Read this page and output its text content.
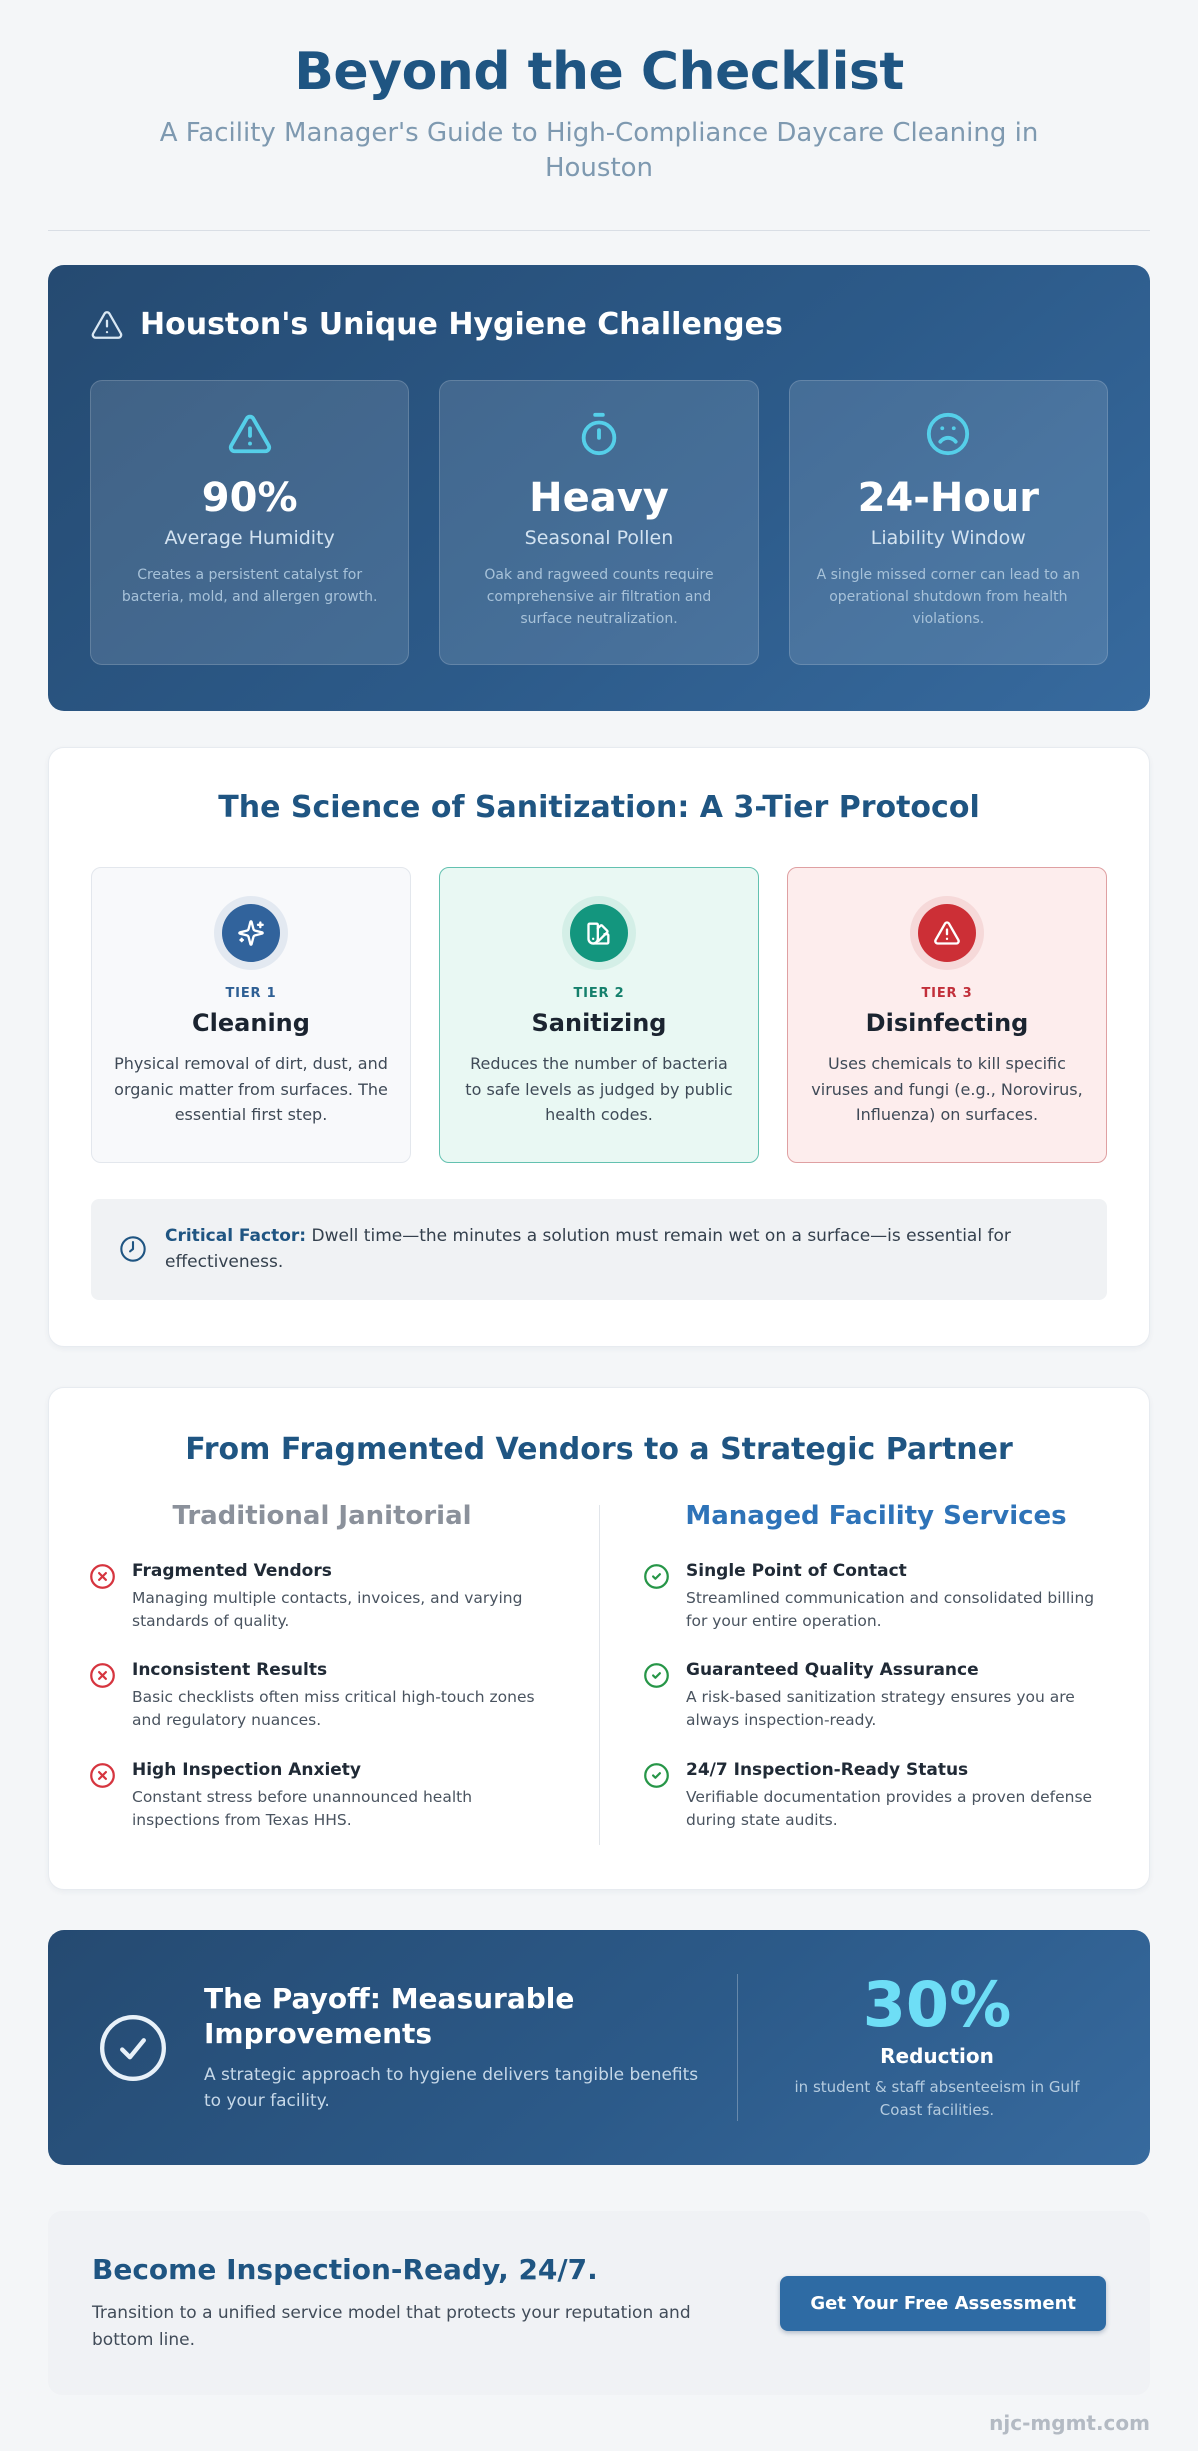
Beyond the Checklist
A Facility Manager's Guide to High-Compliance Daycare Cleaning in Houston
Houston's Unique Hygiene Challenges
90%
Average Humidity
Creates a persistent catalyst for bacteria, mold, and allergen growth.
Heavy
Seasonal Pollen
Oak and ragweed counts require comprehensive air filtration and surface neutralization.
24-Hour
Liability Window
A single missed corner can lead to an operational shutdown from health violations.
The Science of Sanitization: A 3-Tier Protocol
TIER 1
Cleaning
Physical removal of dirt, dust, and organic matter from surfaces. The essential first step.
TIER 2
Sanitizing
Reduces the number of bacteria to safe levels as judged by public health codes.
TIER 3
Disinfecting
Uses chemicals to kill specific viruses and fungi (e.g., Norovirus, Influenza) on surfaces.

Critical Factor: Dwell time—the minutes a solution must remain wet on a surface—is essential for effectiveness.

From Fragmented Vendors to a Strategic Partner
Traditional Janitorial
Fragmented Vendors
Managing multiple contacts, invoices, and varying standards of quality.
Inconsistent Results
Basic checklists often miss critical high-touch zones and regulatory nuances.
High Inspection Anxiety
Constant stress before unannounced health inspections from Texas HHS.
Managed Facility Services
Single Point of Contact
Streamlined communication and consolidated billing for your entire operation.
Guaranteed Quality Assurance
A risk-based sanitization strategy ensures you are always inspection-ready.
24/7 Inspection-Ready Status
Verifiable documentation provides a proven defense during state audits.
The Payoff: Measurable Improvements

A strategic approach to hygiene delivers tangible benefits to your facility.

30%
Reduction
in student & staff absenteeism in Gulf Coast facilities.
Become Inspection-Ready, 24/7.

Transition to a unified service model that protects your reputation and bottom line.

Get Your Free Assessment
njc-mgmt.com
